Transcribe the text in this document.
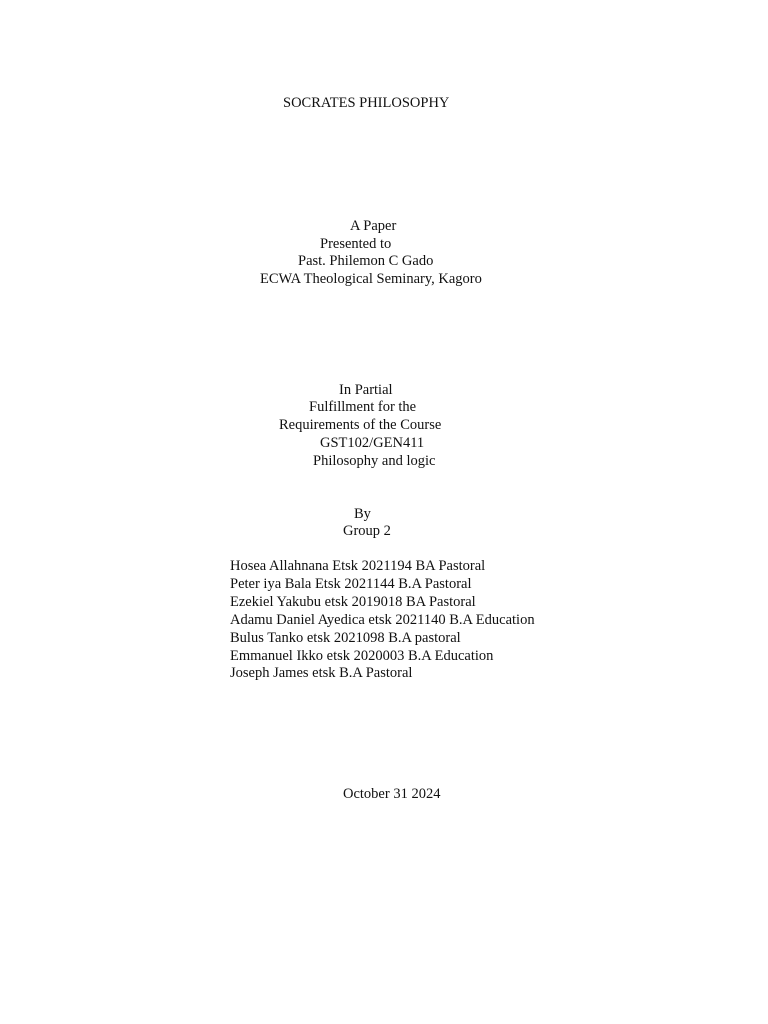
SOCRATES PHILOSOPHY
A Paper
Presented to
Past. Philemon C Gado
ECWA Theological Seminary, Kagoro
In Partial
Fulfillment for the
Requirements of the Course
GST102/GEN411
Philosophy and logic
By
Group 2
Hosea Allahnana Etsk 2021194 BA Pastoral
Peter iya Bala Etsk 2021144 B.A Pastoral
Ezekiel Yakubu etsk 2019018 BA Pastoral
Adamu Daniel Ayedica etsk 2021140 B.A Education
Bulus Tanko etsk 2021098 B.A pastoral
Emmanuel Ikko etsk 2020003 B.A Education
Joseph James etsk B.A Pastoral
October 31 2024
